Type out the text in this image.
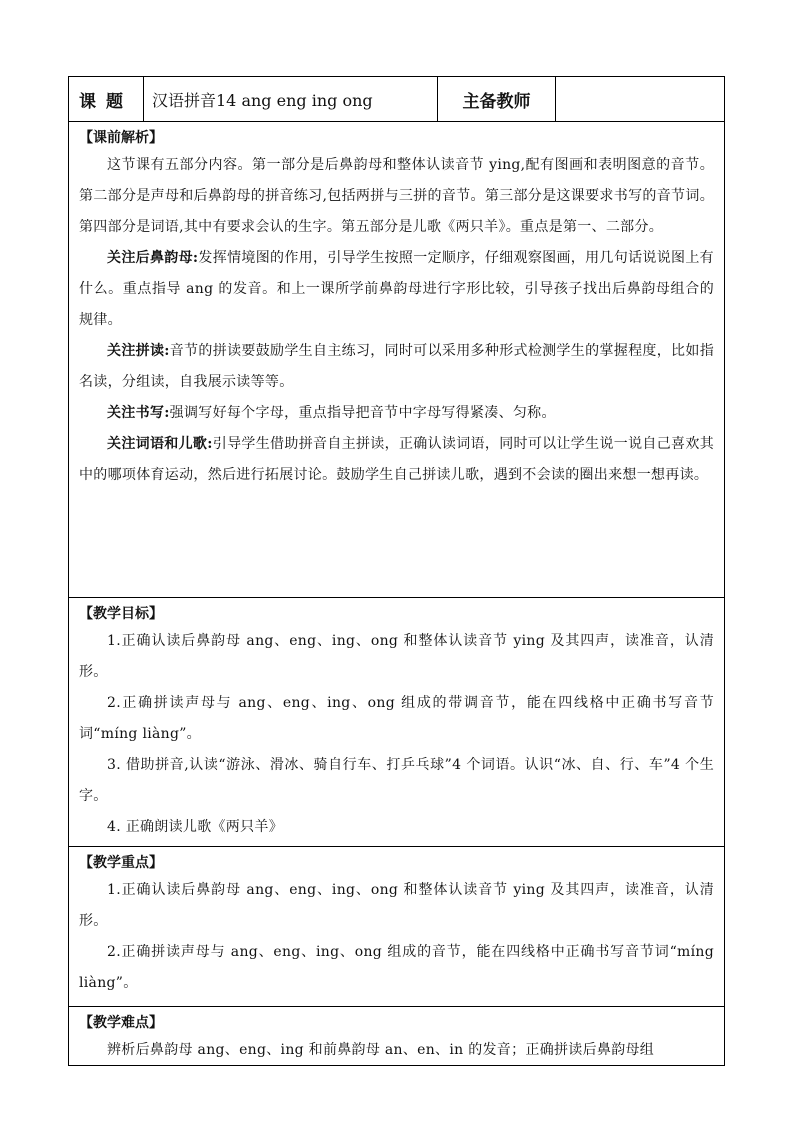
课题	汉语拼音14 ang eng ing ong	主备教师
【课前解析】

这节课有五部分内容。第一部分是后鼻韵母和整体认读音节 ying,配有图画和表明图意的音节。第二部分是声母和后鼻韵母的拼音练习,包括两拼与三拼的音节。第三部分是这课要求书写的音节词。第四部分是词语,其中有要求会认的生字。第五部分是儿歌《两只羊》。重点是第一、二部分。

关注后鼻韵母:发挥情境图的作用，引导学生按照一定顺序，仔细观察图画，用几句话说说图上有什么。重点指导 ang 的发音。和上一课所学前鼻韵母进行字形比较，引导孩子找出后鼻韵母组合的规律。

关注拼读:音节的拼读要鼓励学生自主练习，同时可以采用多种形式检测学生的掌握程度，比如指名读，分组读，自我展示读等等。

关注书写:强调写好每个字母，重点指导把音节中字母写得紧凑、匀称。

关注词语和儿歌:引导学生借助拼音自主拼读，正确认读词语，同时可以让学生说一说自己喜欢其中的哪项体育运动，然后进行拓展讨论。鼓励学生自己拼读儿歌，遇到不会读的圈出来想一想再读。

【教学目标】

1.正确认读后鼻韵母 ang、eng、ing、ong 和整体认读音节 ying 及其四声，读准音，认清形。

2.正确拼读声母与 ang、eng、ing、ong 组成的带调音节，能在四线格中正确书写音节词“míng liàng”。

3. 借助拼音,认读“游泳、滑冰、骑自行车、打乒乓球”4 个词语。认识“冰、自、行、车”4 个生字。

4. 正确朗读儿歌《两只羊》

【教学重点】

1.正确认读后鼻韵母 ang、eng、ing、ong 和整体认读音节 ying 及其四声，读准音，认清形。

2.正确拼读声母与 ang、eng、ing、ong 组成的音节，能在四线格中正确书写音节词“míng liàng”。

【教学难点】

辨析后鼻韵母 ang、eng、ing 和前鼻韵母 an、en、in 的发音；正确拼读后鼻韵母组
